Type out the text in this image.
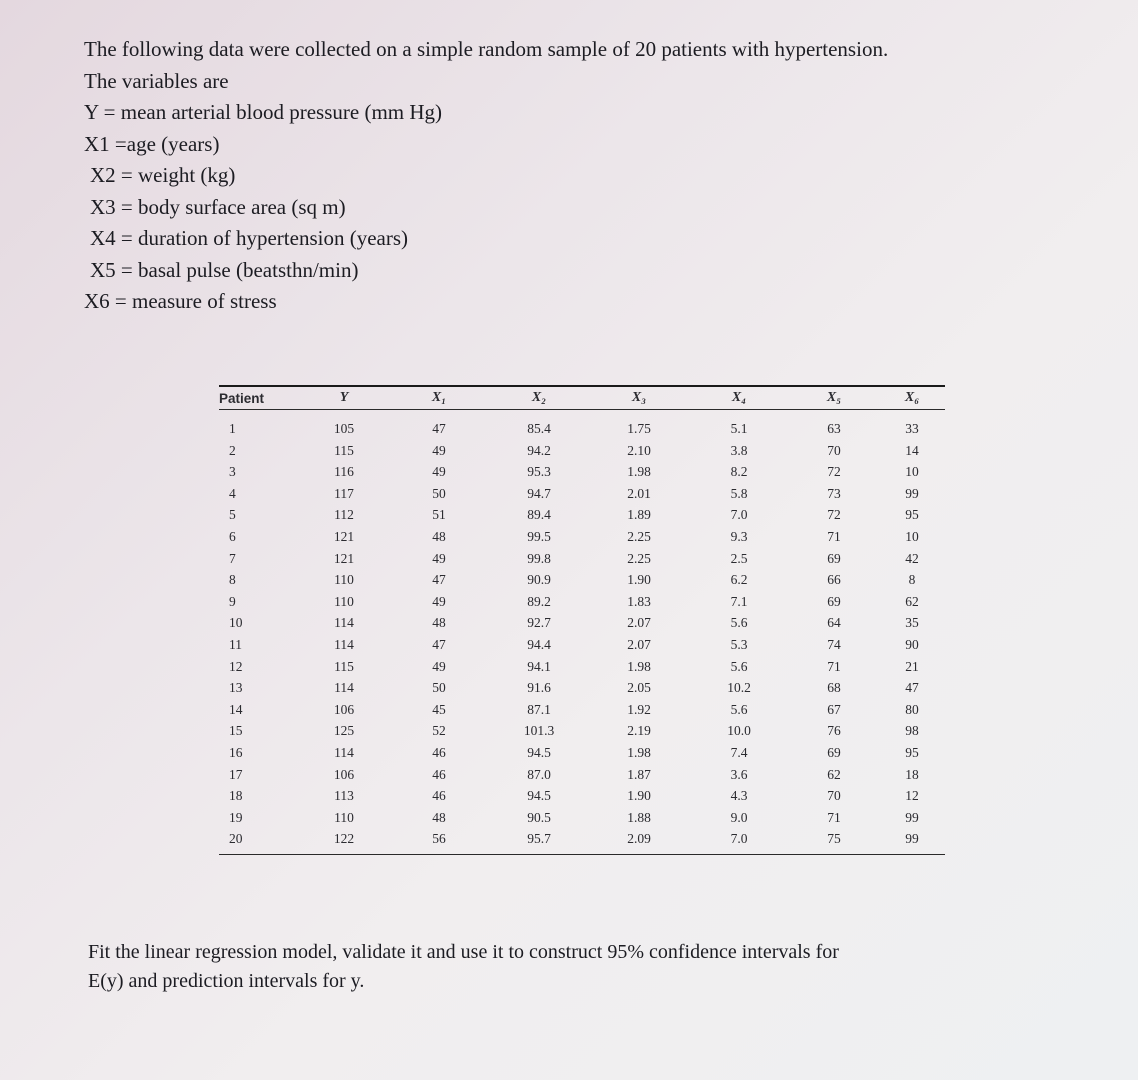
The following data were collected on a simple random sample of 20 patients with hypertension.
The variables are
Y = mean arterial blood pressure (mm Hg)
X1 =age (years)
X2 = weight (kg)
X3 = body surface area (sq m)
X4 = duration of hypertension (years)
X5 = basal pulse (beatsthn/min)
X6 = measure of stress
Patient	Y	X₁	X₂	X₃	X₄	X₅	X₆
1	105	47	85.4	1.75	5.1	63	33
2	115	49	94.2	2.10	3.8	70	14
3	116	49	95.3	1.98	8.2	72	10
4	117	50	94.7	2.01	5.8	73	99
5	112	51	89.4	1.89	7.0	72	95
6	121	48	99.5	2.25	9.3	71	10
7	121	49	99.8	2.25	2.5	69	42
8	110	47	90.9	1.90	6.2	66	8
9	110	49	89.2	1.83	7.1	69	62
10	114	48	92.7	2.07	5.6	64	35
11	114	47	94.4	2.07	5.3	74	90
12	115	49	94.1	1.98	5.6	71	21
13	114	50	91.6	2.05	10.2	68	47
14	106	45	87.1	1.92	5.6	67	80
15	125	52	101.3	2.19	10.0	76	98
16	114	46	94.5	1.98	7.4	69	95
17	106	46	87.0	1.87	3.6	62	18
18	113	46	94.5	1.90	4.3	70	12
19	110	48	90.5	1.88	9.0	71	99
20	122	56	95.7	2.09	7.0	75	99
Fit the linear regression model, validate it and use it to construct 95% confidence intervals for
E(y) and prediction intervals for y.
